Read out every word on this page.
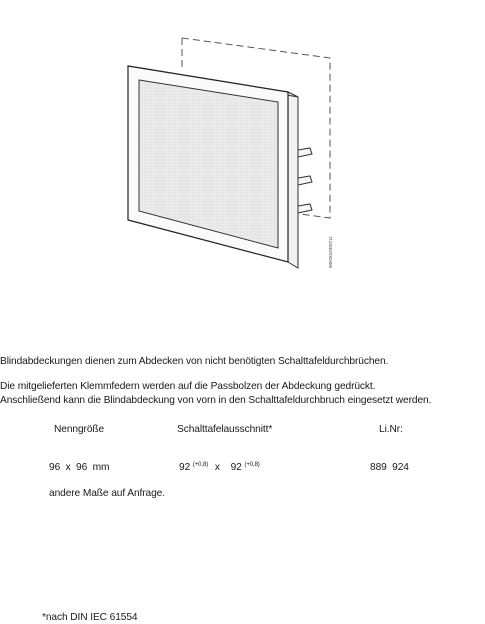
I8092019D0711
Blindabdeckungen dienen zum Abdecken von nicht benötigten Schalttafeldurchbrüchen.
Die mitgelieferten Klemmfedern werden auf die Passbolzen der Abdeckung gedrückt.
Anschließend kann die Blindabdeckung von vorn in den Schalttafeldurchbruch eingesetzt werden.
Nenngröße	Schalttafelausschnitt*	Li.Nr:
96  x  96  mm	92 $^{(+0,8)}$ x 92 $^{(+0,8)}$	889  924
andere Maße auf Anfrage.
*nach DIN IEC 61554
